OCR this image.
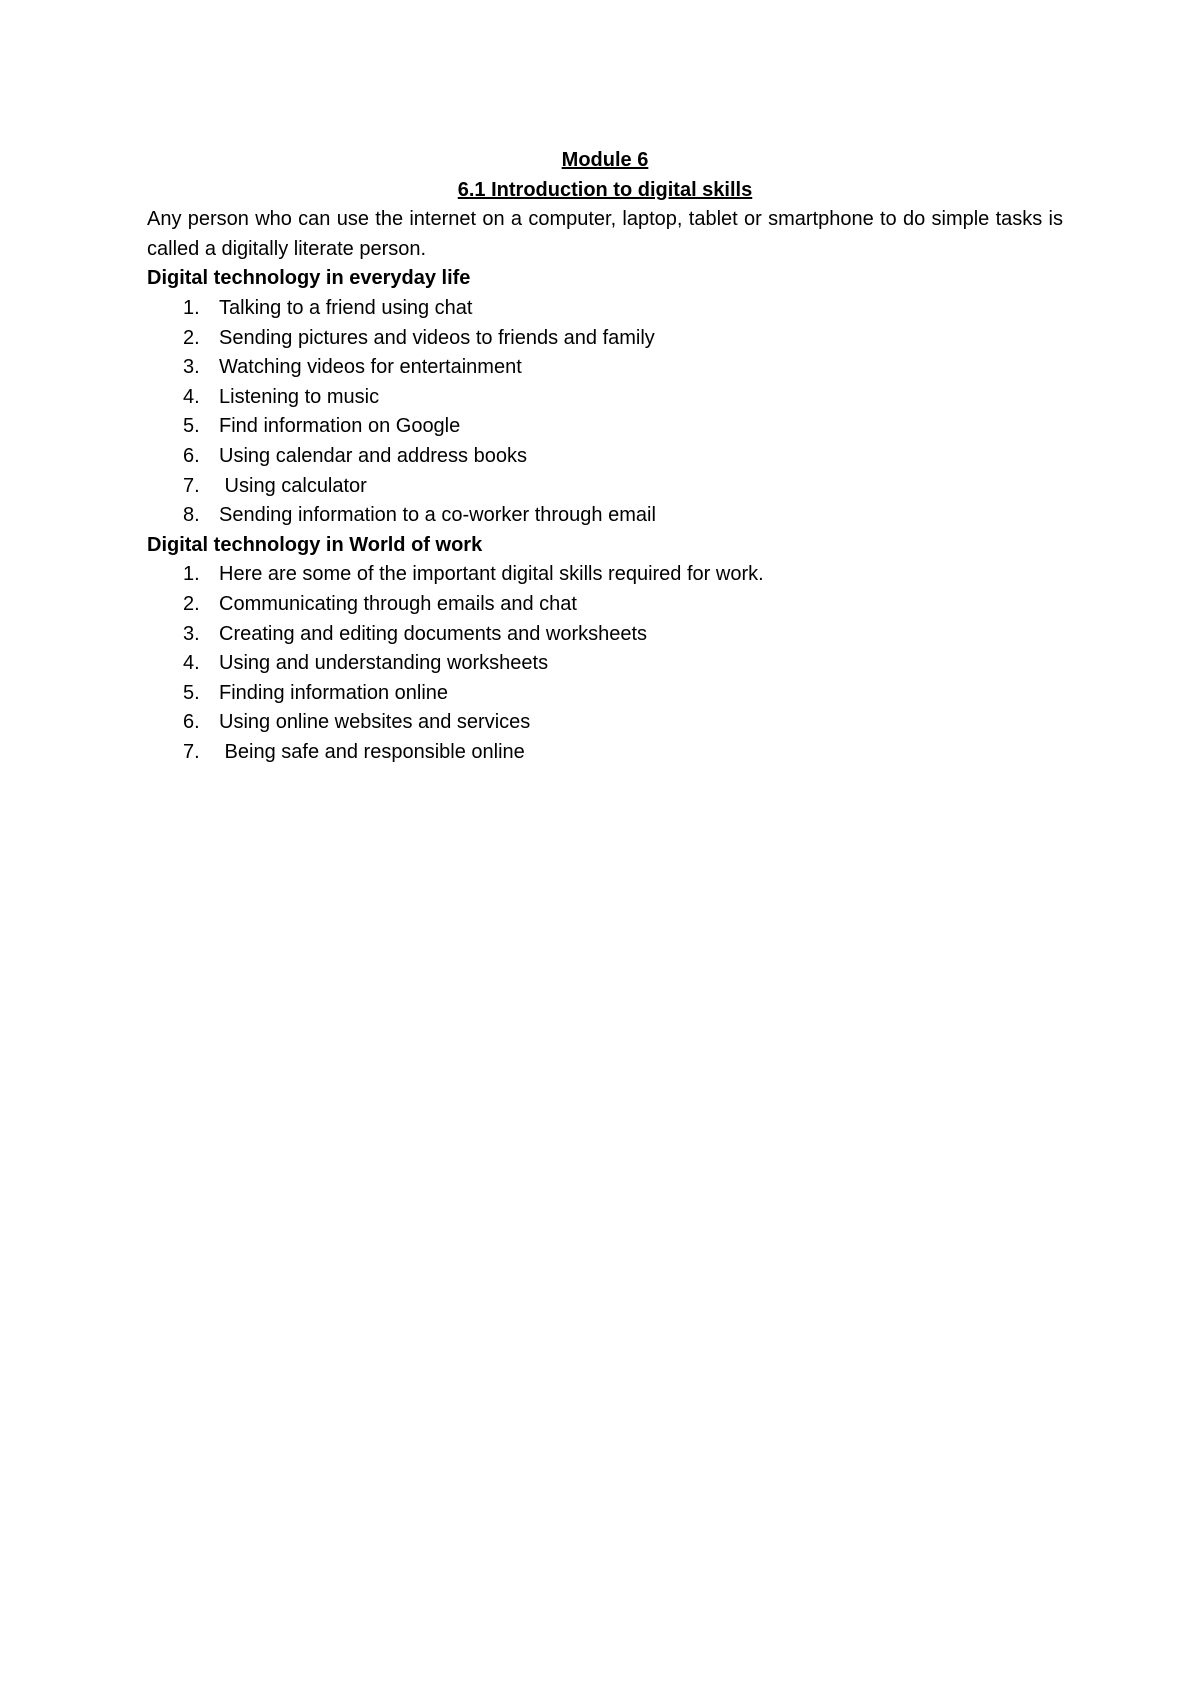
Module 6

6.1 Introduction to digital skills

Any person who can use the internet on a computer, laptop, tablet or smartphone to do simple tasks is called a digitally literate person.

Digital technology in everyday life

1. Talking to a friend using chat
2. Sending pictures and videos to friends and family
3. Watching videos for entertainment
4. Listening to music
5. Find information on Google
6. Using calendar and address books
7. Using calculator
8. Sending information to a co-worker through email

Digital technology in World of work

1. Here are some of the important digital skills required for work.
2. Communicating through emails and chat
3. Creating and editing documents and worksheets
4. Using and understanding worksheets
5. Finding information online
6. Using online websites and services
7. Being safe and responsible online
